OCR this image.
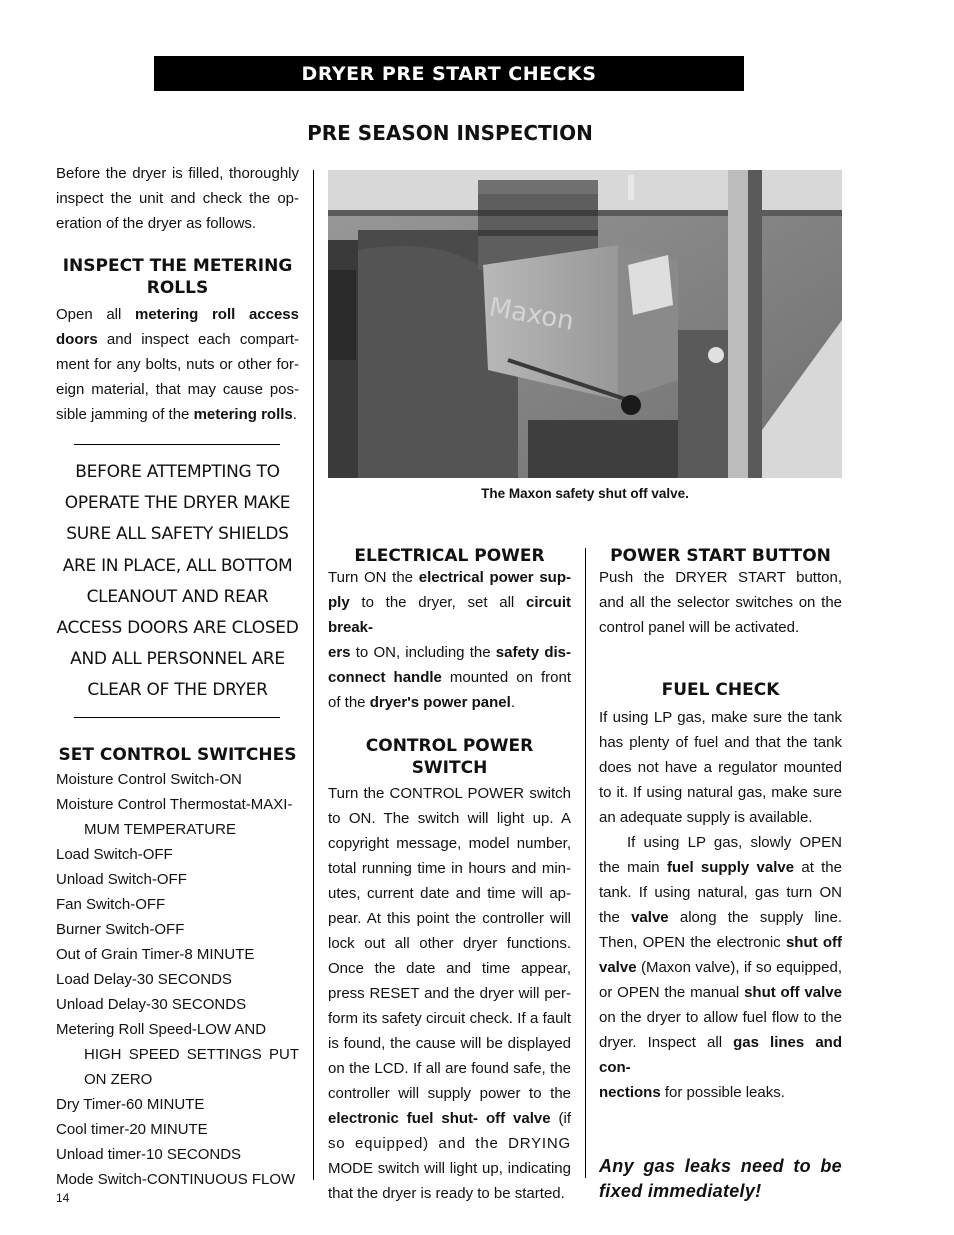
DRYER PRE START CHECKS
PRE SEASON INSPECTION
Before the dryer is filled, thoroughly
inspect the unit and check the op-
eration of the dryer as follows.
INSPECT THE METERING
ROLLS
Open all metering roll access
doors and inspect each compart-
ment for any bolts, nuts or other for-
eign material, that may cause pos-
sible jamming of the metering rolls.
BEFORE ATTEMPTING TO
OPERATE THE DRYER MAKE
SURE ALL SAFETY SHIELDS
ARE IN PLACE, ALL BOTTOM
CLEANOUT AND REAR
ACCESS DOORS ARE CLOSED
AND ALL PERSONNEL ARE
CLEAR OF THE DRYER
SET CONTROL SWITCHES
Moisture Control Switch-ON
Moisture Control Thermostat-MAXI-
MUM TEMPERATURE
Load Switch-OFF
Unload Switch-OFF
Fan Switch-OFF
Burner Switch-OFF
Out of Grain Timer-8 MINUTE
Load Delay-30 SECONDS
Unload Delay-30 SECONDS
Metering Roll Speed-LOW AND
HIGH SPEED SETTINGS PUT
ON ZERO
Dry Timer-60 MINUTE
Cool timer-20 MINUTE
Unload timer-10 SECONDS
Mode Switch-CONTINUOUS FLOW
Maxon
The Maxon safety shut off valve.
ELECTRICAL POWER
Turn ON the electrical power sup-
ply to the dryer, set all circuit break-
ers to ON, including the safety dis-
connect handle mounted on front
of the dryer's power panel.
CONTROL POWER
SWITCH
Turn the CONTROL POWER switch
to ON. The switch will light up. A
copyright message, model number,
total running time in hours and min-
utes, current date and time will ap-
pear. At this point the controller will
lock out all other dryer functions.
Once the date and time appear,
press RESET and the dryer will per-
form its safety circuit check. If a fault
is found, the cause will be displayed
on the LCD. If all are found safe, the
controller will supply power to the
electronic fuel shut- off valve (if
so equipped) and the DRYING
MODE switch will light up, indicating
that the dryer is ready to be started.
POWER START BUTTON
Push the DRYER START button,
and all the selector switches on the
control panel will be activated.
FUEL CHECK
If using LP gas, make sure the tank
has plenty of fuel and that the tank
does not have a regulator mounted
to it. If using natural gas, make sure
an adequate supply is available.
If using LP gas, slowly OPEN
the main fuel supply valve at the
tank. If using natural, gas turn ON
the valve along the supply line.
Then, OPEN the electronic shut off
valve (Maxon valve), if so equipped,
or OPEN the manual shut off valve
on the dryer to allow fuel flow to the
dryer. Inspect all gas lines and con-
nections for possible leaks.
Any gas leaks need to be
fixed immediately!
14
